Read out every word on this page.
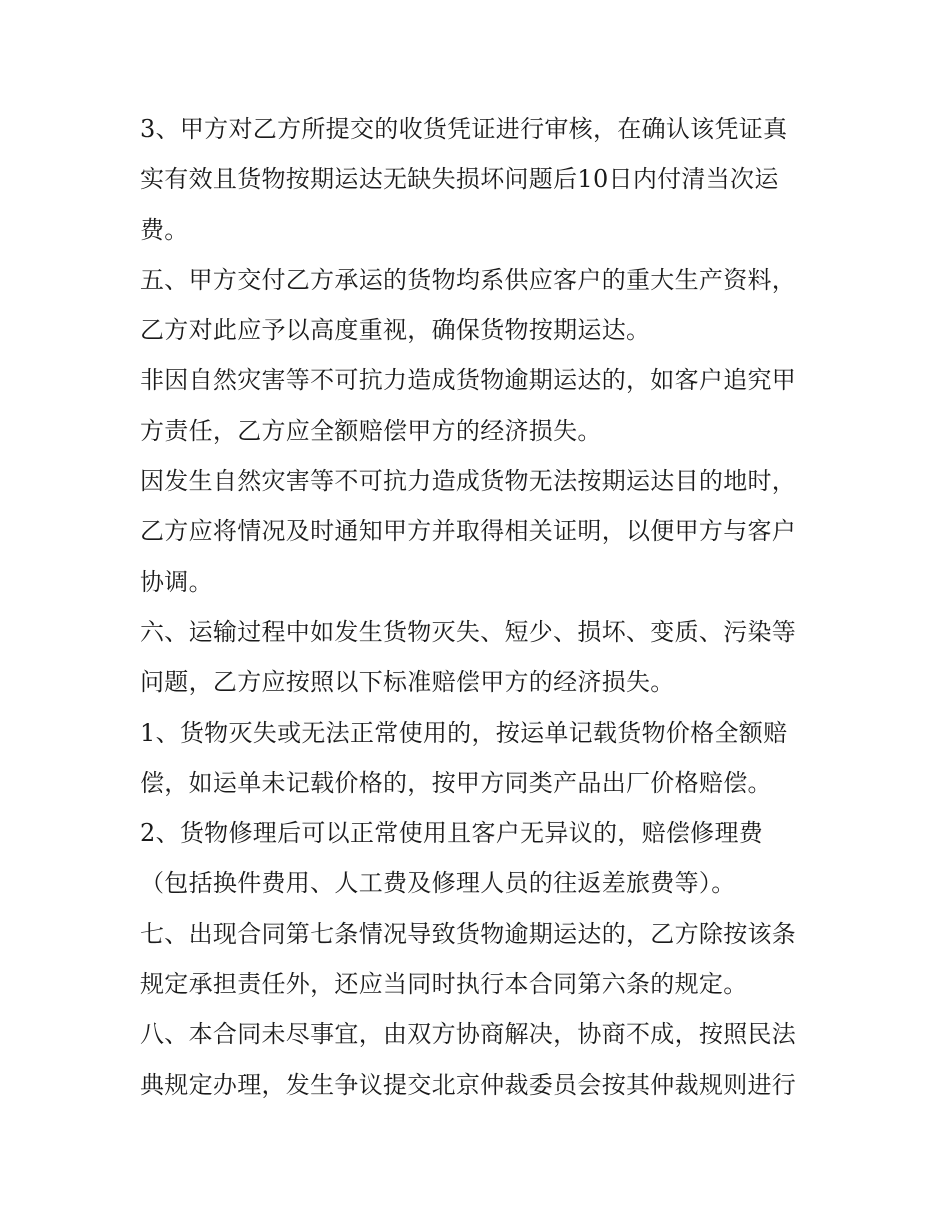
3、甲方对乙方所提交的收货凭证进行审核，在确认该凭证真
实有效且货物按期运达无缺失损坏问题后10日内付清当次运
费。

五、甲方交付乙方承运的货物均系供应客户的重大生产资料，
乙方对此应予以高度重视，确保货物按期运达。

非因自然灾害等不可抗力造成货物逾期运达的，如客户追究甲
方责任，乙方应全额赔偿甲方的经济损失。

因发生自然灾害等不可抗力造成货物无法按期运达目的地时，
乙方应将情况及时通知甲方并取得相关证明，以便甲方与客户
协调。

六、运输过程中如发生货物灭失、短少、损坏、变质、污染等
问题，乙方应按照以下标准赔偿甲方的经济损失。

1、货物灭失或无法正常使用的，按运单记载货物价格全额赔
偿，如运单未记载价格的，按甲方同类产品出厂价格赔偿。

2、货物修理后可以正常使用且客户无异议的，赔偿修理费
（包括换件费用、人工费及修理人员的往返差旅费等）。

七、出现合同第七条情况导致货物逾期运达的，乙方除按该条
规定承担责任外，还应当同时执行本合同第六条的规定。

八、本合同未尽事宜，由双方协商解决，协商不成，按照民法
典规定办理，发生争议提交北京仲裁委员会按其仲裁规则进行
